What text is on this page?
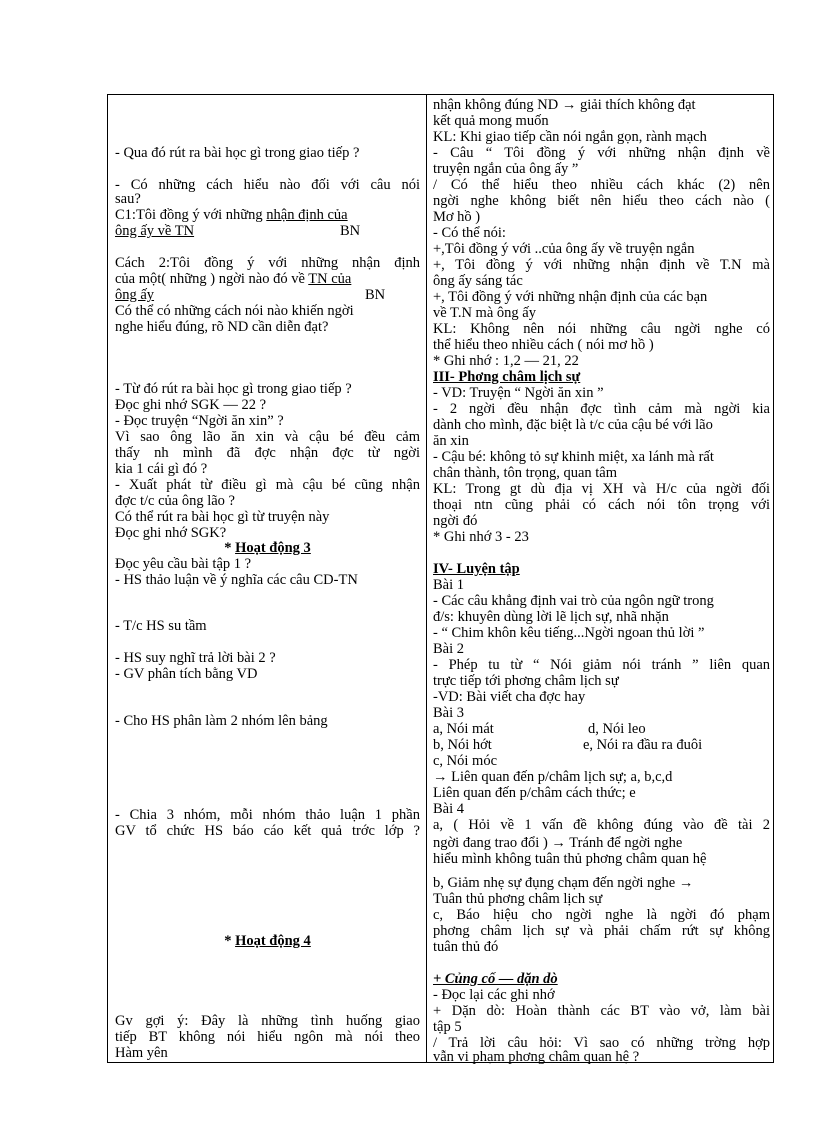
- Qua đó rút ra bài học gì trong giao tiếp ?
- Có những cách hiểu nào đối với câu nói
sau?
C1:Tôi đồng ý với những nhận định của
ông ấy về TN	BN
Cách 2:Tôi đồng ý với những nhận định
của một( những ) ngời nào đó về TN của
ông ấy	BN
Có thể có những cách nói nào khiến ngời
nghe hiểu đúng, rõ ND cần diễn đạt?
- Từ đó rút ra bài học gì trong giao tiếp ?
Đọc ghi nhớ SGK — 22 ?
- Đọc truyện “Ngời ăn xin” ?
Vì sao ông lão ăn xin và cậu bé đều cảm
thấy nh mình đã đợc nhận đợc từ ngời
kia 1 cái gì đó ?
- Xuất phát từ điều gì mà cậu bé cũng nhận
đợc t/c của ông lão ?
Có thể rút ra bài học gì từ truyện này
Đọc ghi nhớ SGK?
* Hoạt động 3
Đọc yêu cầu bài tập 1 ?
- HS thảo luận về ý nghĩa các câu CD-TN
- T/c HS su tầm
- HS suy nghĩ trả lời bài 2 ?
- GV phân tích bằng VD
- Cho HS phân làm 2 nhóm lên bảng
- Chia 3 nhóm, mỗi nhóm thảo luận 1 phần
GV tổ chức HS báo cáo kết quả trớc lớp ?
* Hoạt động 4
Gv gợi ý: Đây là những tình huống giao
tiếp BT không nói hiểu ngôn mà nói theo
Hàm yên
nhận không đúng ND → giải thích không đạt
kết quả mong muốn
KL: Khi giao tiếp cần nói ngắn gọn, rành mạch
- Câu “ Tôi đồng ý với những nhận định về
truyện ngắn của ông ấy ”
/ Có thể hiểu theo nhiều cách khác (2) nên
ngời nghe không biết nên hiểu theo cách nào (
Mơ hồ )
- Có thể nói:
+,Tôi đồng ý với ..của ông ấy về truyện ngắn
+, Tôi đồng ý với những nhận định về T.N mà
ông ấy sáng tác
+, Tôi đồng ý với những nhận định của các bạn
về T.N mà ông ấy
KL: Không nên nói những câu ngời nghe có
thể hiểu theo nhiều cách ( nói mơ hồ )
* Ghi nhớ : 1,2 — 21, 22
III- Phơng châm lịch sự
- VD: Truyện “ Ngời ăn xin ”
- 2 ngời đều nhận đợc tình cảm mà ngời kia
dành cho mình, đặc biệt là t/c của cậu bé với lão
ăn xin
- Cậu bé: không tỏ sự khinh miệt, xa lánh mà rất
chân thành, tôn trọng, quan tâm
KL: Trong gt dù địa vị XH và H/c của ngời đối
thoại ntn cũng phải có cách nói tôn trọng với
ngời đó
* Ghi nhớ 3 - 23
IV- Luyện tập
Bài 1
- Các câu khẳng định vai trò của ngôn ngữ trong
đ/s: khuyên dùng lời lẽ lịch sự, nhã nhặn
- “ Chim khôn kêu tiếng...Ngời ngoan thủ lời ”
Bài 2
- Phép tu từ “ Nói giảm nói tránh ” liên quan
trực tiếp tới phơng châm lịch sự
-VD: Bài viết cha đợc hay
Bài 3
a, Nói mát	d, Nói leo
b, Nói hớt	e, Nói ra đầu ra đuôi
c, Nói móc
→ Liên quan đến p/châm lịch sự; a, b,c,d
Liên quan đến p/châm cách thức; e
Bài 4
a, ( Hỏi về 1 vấn đề không đúng vào đề tài 2
ngời đang trao đổi ) → Tránh để ngời nghe
hiểu mình không tuân thủ phơng châm quan hệ
b, Giảm nhẹ sự đụng chạm đến ngời nghe →
Tuân thủ phơng châm lịch sự
c, Báo hiệu cho ngời nghe là ngời đó phạm
phơng châm lịch sự và phải chấm rứt sự không
tuân thủ đó
+ Củng cố — dặn dò
- Đọc lại các ghi nhớ
+ Dặn dò: Hoàn thành các BT vào vở, làm bài
tập 5
/ Trả lời câu hỏi: Vì sao có những trờng hợp
vẫn vi phạm phơng châm quan hệ ?
